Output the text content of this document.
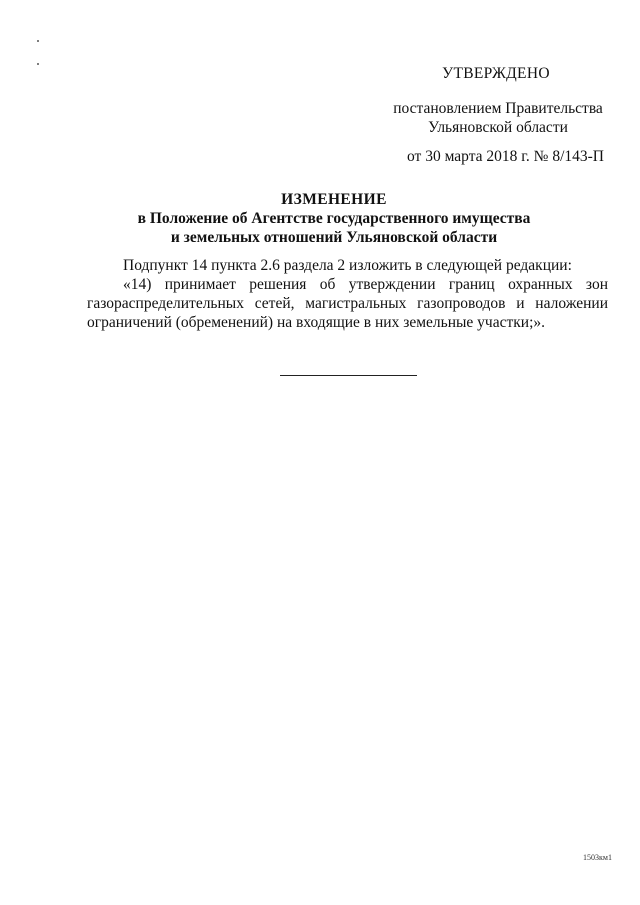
УТВЕРЖДЕНО
постановлением Правительства
Ульяновской области
от 30 марта 2018 г. № 8/143-П
ИЗМЕНЕНИЕ
в Положение об Агентстве государственного имущества
и земельных отношений Ульяновской области

Подпункт 14 пункта 2.6 раздела 2 изложить в следующей редакции:

«14) принимает решения об утверждении границ охранных зон газораспределительных сетей, магистральных газопроводов и наложении ограничений (обременений) на входящие в них земельные участки;».

1503км1
